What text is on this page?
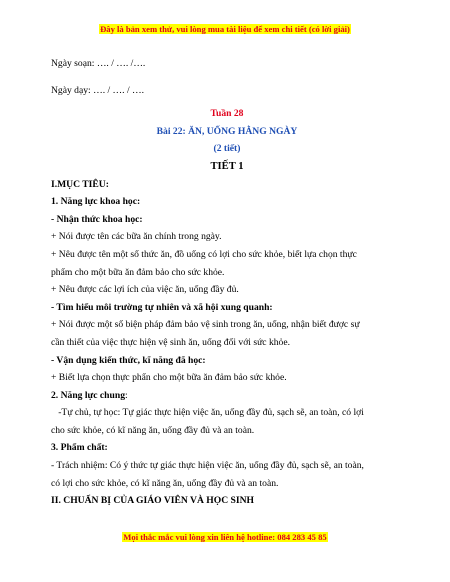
Đây là bản xem thử, vui lòng mua tài liệu để xem chi tiết (có lời giải)
Ngày soạn: …. / …. /….
Ngày dạy: …. / …. / ….
Tuần 28
Bài 22: ĂN, UỐNG HẰNG NGÀY
(2 tiết)
TIẾT 1
I.MỤC TIÊU:
1. Năng lực khoa học:
- Nhận thức khoa học:
+ Nói được tên các bữa ăn chính trong ngày.
+ Nêu được tên một số thức ăn, đồ uống có lợi cho sức khỏe, biết lựa chọn thực
phẩm cho một bữa ăn đảm bảo cho sức khỏe.
+ Nêu được các lợi ích của việc ăn, uống đầy đủ.
- Tìm hiểu môi trường tự nhiên và xã hội xung quanh:
+ Nói được một số biện pháp đảm bảo vệ sinh trong ăn, uống, nhận biết được sự
cần thiết của việc thực hiện vệ sinh ăn, uống đối với sức khỏe.
- Vận dụng kiến thức, kĩ năng đã học:
+ Biết lựa chọn thực phẩn cho một bữa ăn đảm bảo sức khỏe.
2. Năng lực chung:
-Tự chủ, tự học: Tự giác thực hiện việc ăn, uống đầy đủ, sạch sẽ, an toàn, có lợi
cho sức khỏe, có kĩ năng ăn, uống đầy đủ và an toàn.
3. Phẩm chất:
- Trách nhiệm: Có ý thức tự giác thực hiện việc ăn, uống đầy đủ, sạch sẽ, an toàn,
có lợi cho sức khỏe, có kĩ năng ăn, uống đầy đủ và an toàn.
II. CHUẨN BỊ CỦA GIÁO VIÊN VÀ HỌC SINH
Mọi thắc mắc vui lòng xin liên hệ hotline: 084 283 45 85
